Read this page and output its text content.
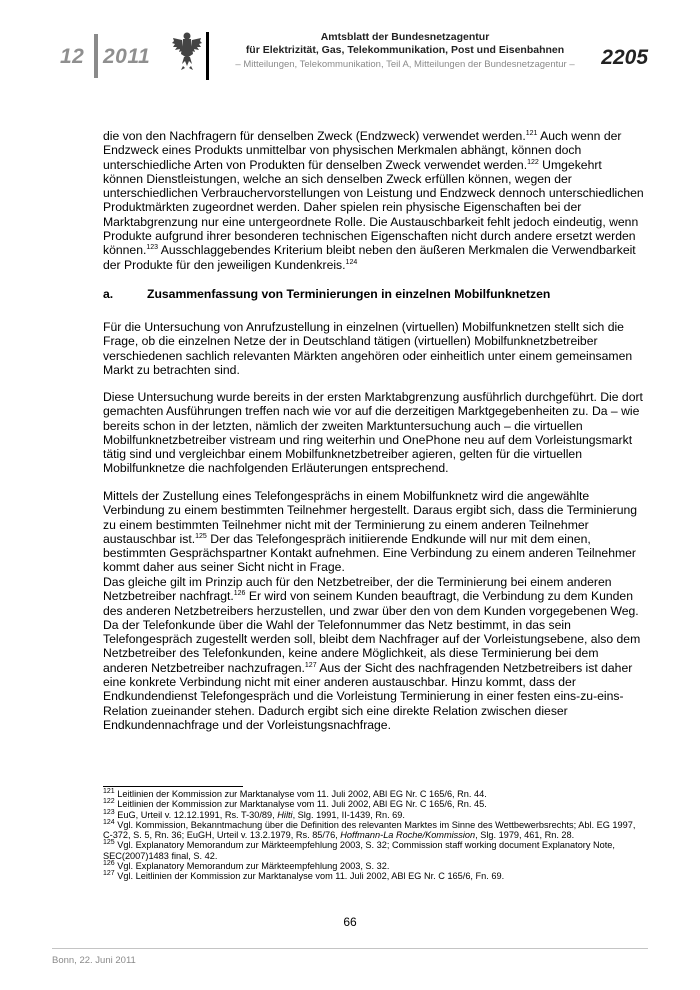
12 2011
Amtsblatt der Bundesnetzagentur
für Elektrizität, Gas, Telekommunikation, Post und Eisenbahnen
– Mitteilungen, Telekommunikation, Teil A, Mitteilungen der Bundesnetzagentur –	2205

die von den Nachfragern für denselben Zweck (Endzweck) verwendet werden.$^{121}$ Auch wenn der Endzweck eines Produkts unmittelbar von physischen Merkmalen abhängt, können doch unterschiedliche Arten von Produkten für denselben Zweck verwendet werden.$^{122}$ Umgekehrt können Dienstleistungen, welche an sich denselben Zweck erfüllen können, wegen der unterschiedlichen Verbrauchervorstellungen von Leistung und Endzweck dennoch unterschiedlichen Produktmärkten zugeordnet werden. Daher spielen rein physische Eigenschaften bei der Marktabgrenzung nur eine untergeordnete Rolle. Die Austauschbarkeit fehlt jedoch eindeutig, wenn Produkte aufgrund ihrer besonderen technischen Eigenschaften nicht durch andere ersetzt werden können.$^{123}$ Ausschlaggebendes Kriterium bleibt neben den äußeren Merkmalen die Verwendbarkeit der Produkte für den jeweiligen Kundenkreis.$^{124}$

a.	Zusammenfassung von Terminierungen in einzelnen Mobilfunknetzen

Für die Untersuchung von Anrufzustellung in einzelnen (virtuellen) Mobilfunknetzen stellt sich die Frage, ob die einzelnen Netze der in Deutschland tätigen (virtuellen) Mobilfunknetzbetreiber verschiedenen sachlich relevanten Märkten angehören oder einheitlich unter einem gemeinsamen Markt zu betrachten sind.

Diese Untersuchung wurde bereits in der ersten Marktabgrenzung ausführlich durchgeführt. Die dort gemachten Ausführungen treffen nach wie vor auf die derzeitigen Marktgegebenheiten zu. Da – wie bereits schon in der letzten, nämlich der zweiten Marktuntersuchung auch – die virtuellen Mobilfunknetzbetreiber vistream und ring weiterhin und OnePhone neu auf dem Vorleistungsmarkt tätig sind und vergleichbar einem Mobilfunknetzbetreiber agieren, gelten für die virtuellen Mobilfunknetze die nachfolgenden Erläuterungen entsprechend.

Mittels der Zustellung eines Telefongesprächs in einem Mobilfunknetz wird die angewählte Verbindung zu einem bestimmten Teilnehmer hergestellt. Daraus ergibt sich, dass die Terminierung zu einem bestimmten Teilnehmer nicht mit der Terminierung zu einem anderen Teilnehmer austauschbar ist.$^{125}$ Der das Telefongespräch initiierende Endkunde will nur mit dem einen, bestimmten Gesprächspartner Kontakt aufnehmen. Eine Verbindung zu einem anderen Teilnehmer kommt daher aus seiner Sicht nicht in Frage.

Das gleiche gilt im Prinzip auch für den Netzbetreiber, der die Terminierung bei einem anderen Netzbetreiber nachfragt.$^{126}$ Er wird von seinem Kunden beauftragt, die Verbindung zu dem Kunden des anderen Netzbetreibers herzustellen, und zwar über den von dem Kunden vorgegebenen Weg. Da der Telefonkunde über die Wahl der Telefonnummer das Netz bestimmt, in das sein Telefongespräch zugestellt werden soll, bleibt dem Nachfrager auf der Vorleistungsebene, also dem Netzbetreiber des Telefonkunden, keine andere Möglichkeit, als diese Terminierung bei dem anderen Netzbetreiber nachzufragen.$^{127}$ Aus der Sicht des nachfragenden Netzbetreibers ist daher eine konkrete Verbindung nicht mit einer anderen austauschbar. Hinzu kommt, dass der Endkundendienst Telefongespräch und die Vorleistung Terminierung in einer festen eins-zu-eins-Relation zueinander stehen. Dadurch ergibt sich eine direkte Relation zwischen dieser Endkundennachfrage und der Vorleistungsnachfrage.

$^{121}$ Leitlinien der Kommission zur Marktanalyse vom 11. Juli 2002, ABl EG Nr. C 165/6, Rn. 44.

$^{122}$ Leitlinien der Kommission zur Marktanalyse vom 11. Juli 2002, ABl EG Nr. C 165/6, Rn. 45.

$^{123}$ EuG, Urteil v. 12.12.1991, Rs. T-30/89, Hilti, Slg. 1991, II-1439, Rn. 69.

$^{124}$ Vgl. Kommission, Bekanntmachung über die Definition des relevanten Marktes im Sinne des Wettbewerbsrechts; Abl. EG 1997, C-372, S. 5, Rn. 36; EuGH, Urteil v. 13.2.1979, Rs. 85/76, Hoffmann-La Roche/Kommission, Slg. 1979, 461, Rn. 28.

$^{125}$ Vgl. Explanatory Memorandum zur Märkteempfehlung 2003, S. 32; Commission staff working document Explanatory Note, SEC(2007)1483 final, S. 42.

$^{126}$ Vgl. Explanatory Memorandum zur Märkteempfehlung 2003, S. 32.

$^{127}$ Vgl. Leitlinien der Kommission zur Marktanalyse vom 11. Juli 2002, ABl EG Nr. C 165/6, Fn. 69.

66
Bonn, 22. Juni 2011
